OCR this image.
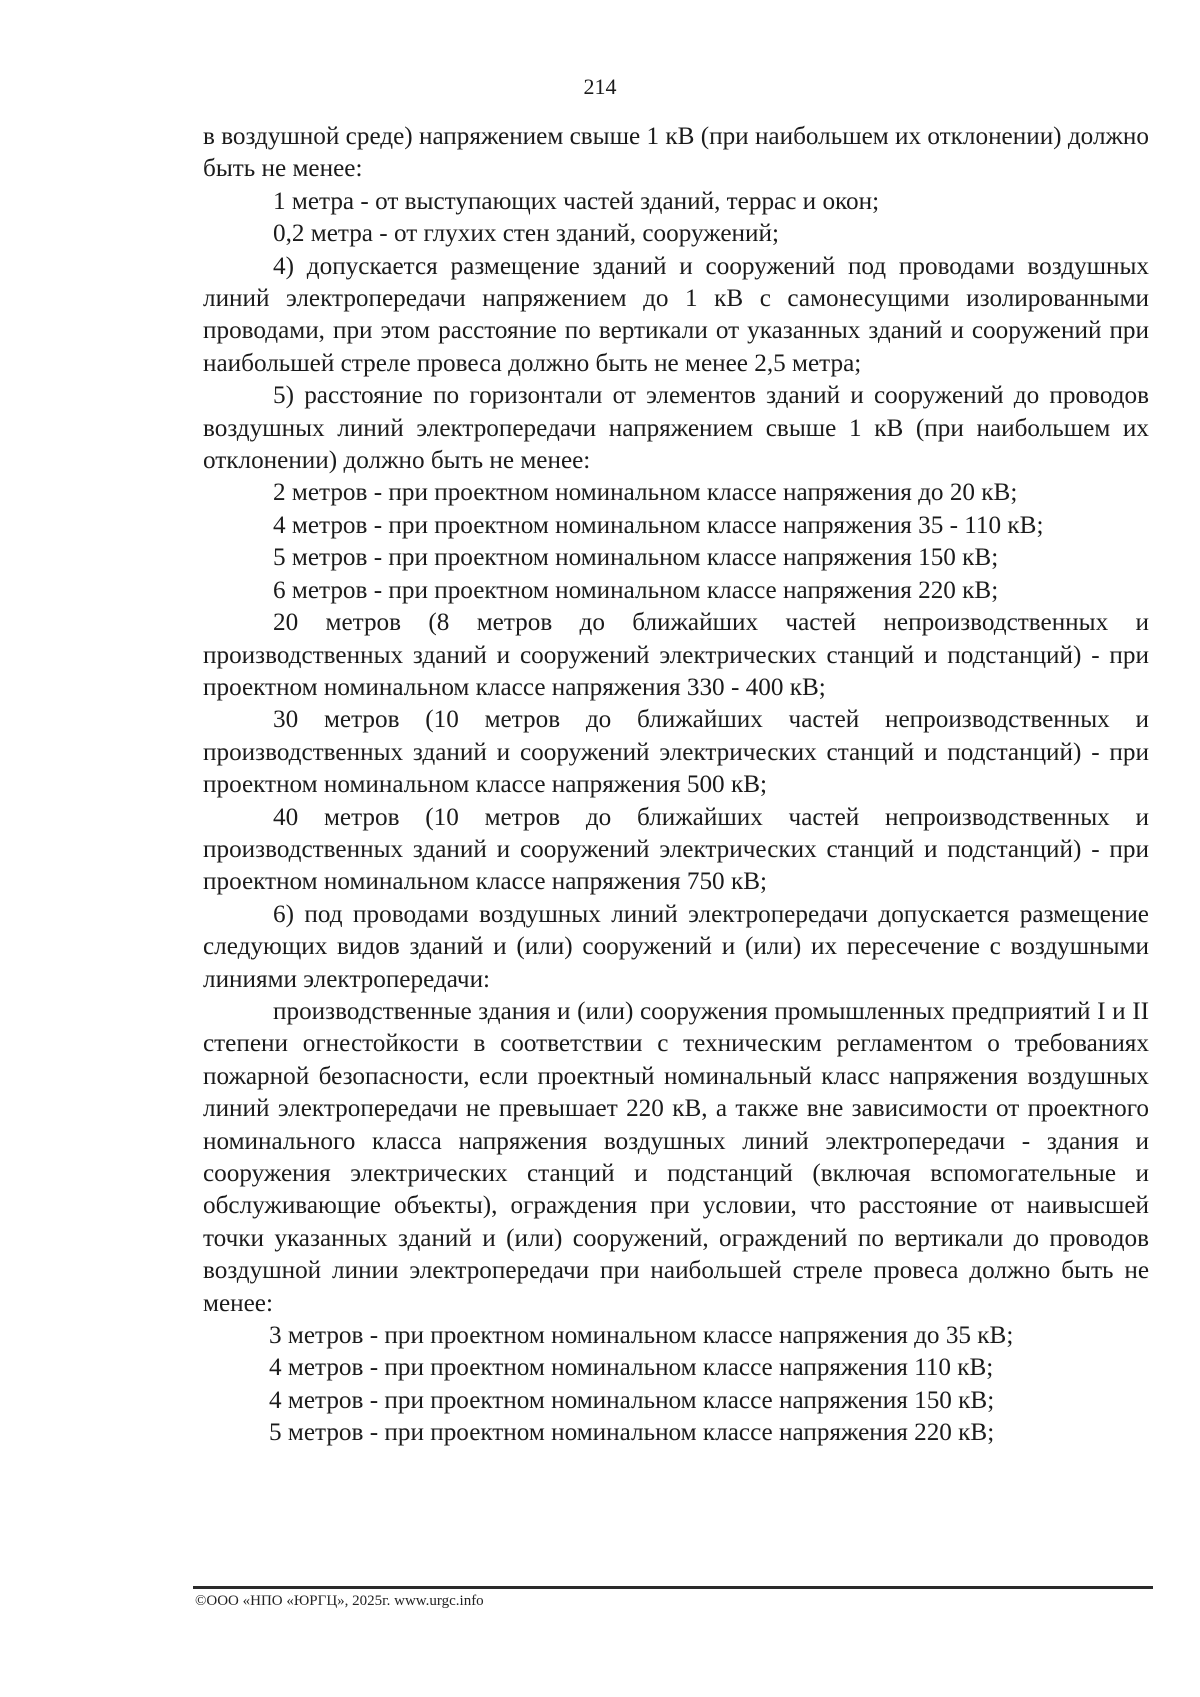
214

в воздушной среде) напряжением свыше 1 кВ (при наибольшем их отклонении) должно быть не менее:

1 метра - от выступающих частей зданий, террас и окон;

0,2 метра - от глухих стен зданий, сооружений;

4) допускается размещение зданий и сооружений под проводами воздушных линий электропередачи напряжением до 1 кВ с самонесущими изолированными проводами, при этом расстояние по вертикали от указанных зданий и сооружений при наибольшей стреле провеса должно быть не менее 2,5 метра;

5) расстояние по горизонтали от элементов зданий и сооружений до проводов воздушных линий электропередачи напряжением свыше 1 кВ (при наибольшем их отклонении) должно быть не менее:

2 метров - при проектном номинальном классе напряжения до 20 кВ;

4 метров - при проектном номинальном классе напряжения 35 - 110 кВ;

5 метров - при проектном номинальном классе напряжения 150 кВ;

6 метров - при проектном номинальном классе напряжения 220 кВ;

20 метров (8 метров до ближайших частей непроизводственных и производственных зданий и сооружений электрических станций и подстанций) - при проектном номинальном классе напряжения 330 - 400 кВ;

30 метров (10 метров до ближайших частей непроизводственных и производственных зданий и сооружений электрических станций и подстанций) - при проектном номинальном классе напряжения 500 кВ;

40 метров (10 метров до ближайших частей непроизводственных и производственных зданий и сооружений электрических станций и подстанций) - при проектном номинальном классе напряжения 750 кВ;

6) под проводами воздушных линий электропередачи допускается размещение следующих видов зданий и (или) сооружений и (или) их пересечение с воздушными линиями электропередачи:

производственные здания и (или) сооружения промышленных предприятий I и II степени огнестойкости в соответствии с техническим регламентом о требованиях пожарной безопасности, если проектный номинальный класс напряжения воздушных линий электропередачи не превышает 220 кВ, а также вне зависимости от проектного номинального класса напряжения воздушных линий электропередачи - здания и сооружения электрических станций и подстанций (включая вспомогательные и обслуживающие объекты), ограждения при условии, что расстояние от наивысшей точки указанных зданий и (или) сооружений, ограждений по вертикали до проводов воздушной линии электропередачи при наибольшей стреле провеса должно быть не менее:

3 метров - при проектном номинальном классе напряжения до 35 кВ;

4 метров - при проектном номинальном классе напряжения 110 кВ;

4 метров - при проектном номинальном классе напряжения 150 кВ;

5 метров - при проектном номинальном классе напряжения 220 кВ;

©ООО «НПО «ЮРГЦ», 2025г. www.urgc.info
